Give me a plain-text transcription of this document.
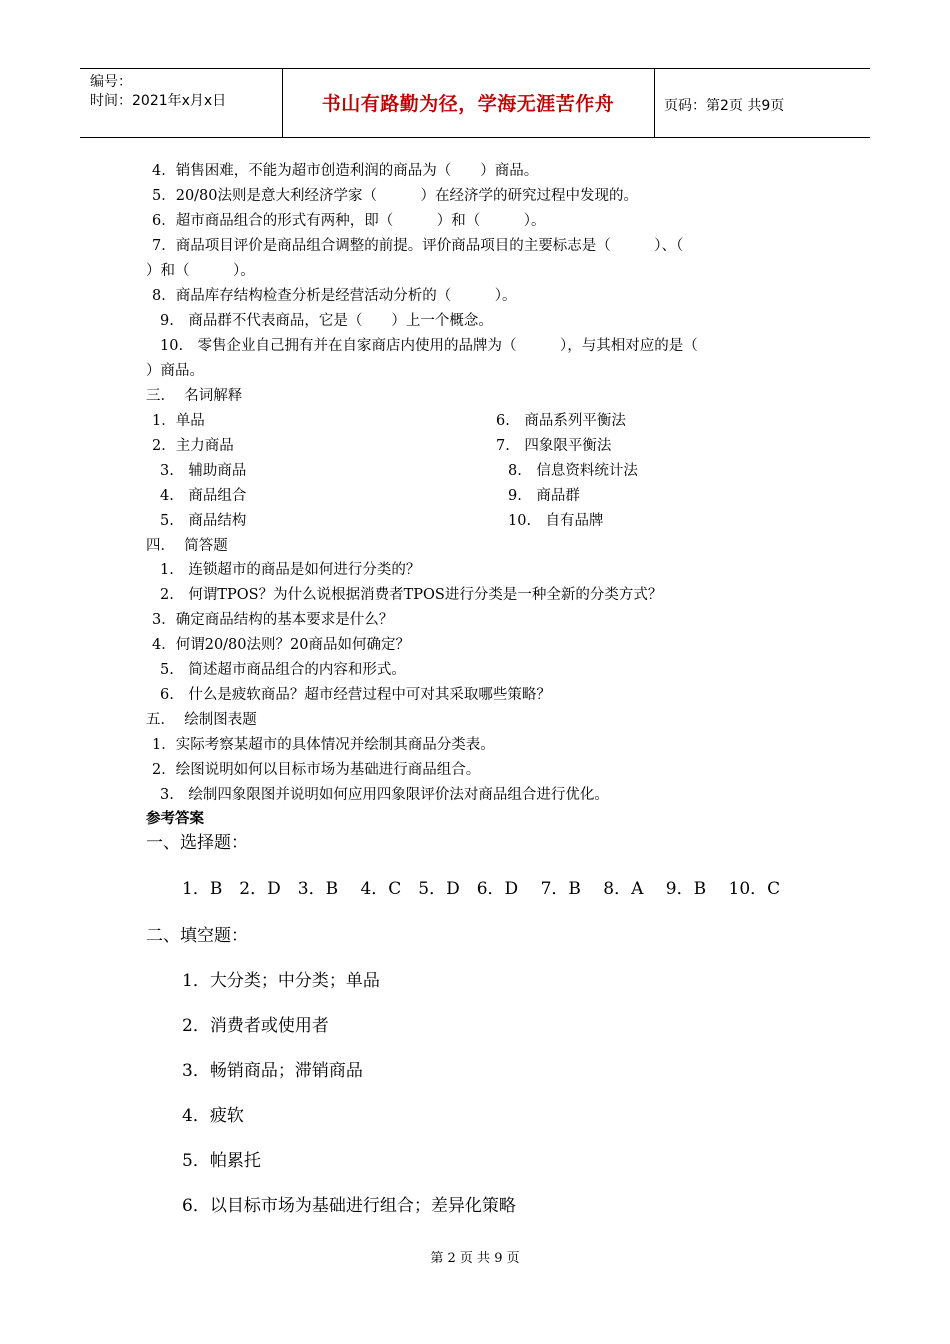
编号：
时间：2021年x月x日	书山有路勤为径，学海无涯苦作舟	页码：第2页 共9页
4．销售困难，不能为超市创造利润的商品为（　　）商品。
5．20/80法则是意大利经济学家（　　　）在经济学的研究过程中发现的。
6．超市商品组合的形式有两种，即（　　　）和（　　　）。
7．商品项目评价是商品组合调整的前提。评价商品项目的主要标志是（　　　）、（
）和（　　　）。
8．商品库存结构检查分析是经营活动分析的（　　　）。
9.　商品群不代表商品，它是（　　）上一个概念。
10.　零售企业自己拥有并在自家商店内使用的品牌为（　　　），与其相对应的是（
）商品。
三．  名词解释
1．单品	6.　商品系列平衡法
2．主力商品	7.　四象限平衡法
3.　辅助商品	8.　信息资料统计法
4.　商品组合	9.　商品群
5.　商品结构	10.　自有品牌
四．  简答题
1.　连锁超市的商品是如何进行分类的？
2.　何谓TPOS？为什么说根据消费者TPOS进行分类是一种全新的分类方式？
3．确定商品结构的基本要求是什么？
4．何谓20/80法则？20商品如何确定？
5.　简述超市商品组合的内容和形式。
6.　什么是疲软商品？超市经营过程中可对其采取哪些策略？
五．  绘制图表题
1．实际考察某超市的具体情况并绘制其商品分类表。
2．绘图说明如何以目标市场为基础进行商品组合。
3.　绘制四象限图并说明如何应用四象限评价法对商品组合进行优化。
参考答案
一、选择题：
1．B　2．D　3．B　 4．C　5．D　6．D　 7．B　 8．A　 9．B　 10．C
二、填空题：
1．大分类；中分类；单品
2．消费者或使用者
3．畅销商品；滞销商品
4．疲软
5．帕累托
6．以目标市场为基础进行组合；差异化策略
第 2 页 共 9 页
